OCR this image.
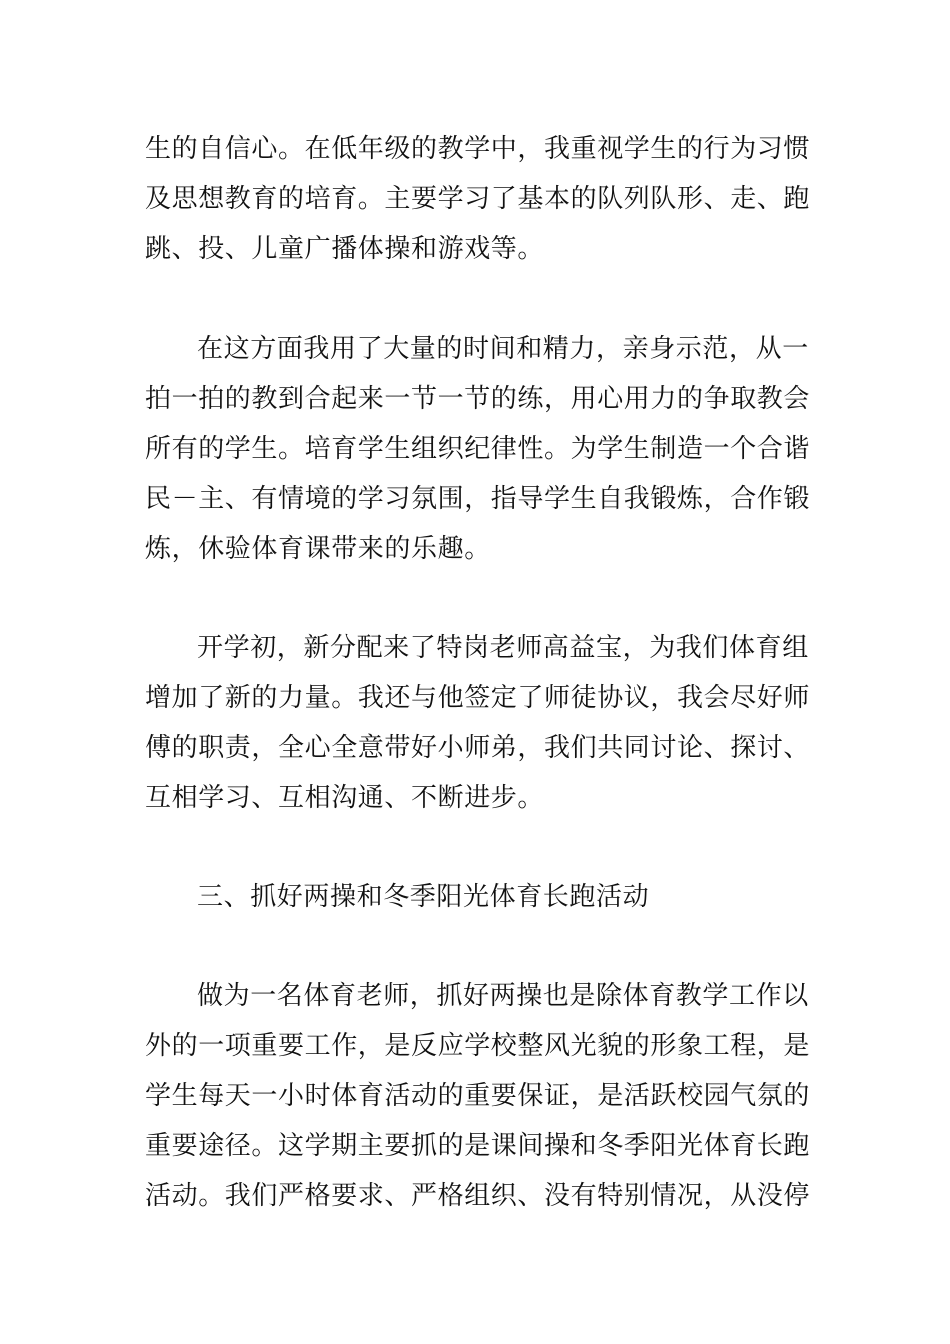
生的自信心。在低年级的教学中，我重视学生的行为习惯
及思想教育的培育。主要学习了基本的队列队形、走、跑
跳、投、儿童广播体操和游戏等。
在这方面我用了大量的时间和精力，亲身示范，从一
拍一拍的教到合起来一节一节的练，用心用力的争取教会
所有的学生。培育学生组织纪律性。为学生制造一个合谐
民－主、有情境的学习氛围，指导学生自我锻炼，合作锻
炼，休验体育课带来的乐趣。
开学初，新分配来了特岗老师高益宝，为我们体育组
增加了新的力量。我还与他签定了师徒协议，我会尽好师
傅的职责，全心全意带好小师弟，我们共同讨论、探讨、
互相学习、互相沟通、不断进步。
三、抓好两操和冬季阳光体育长跑活动
做为一名体育老师，抓好两操也是除体育教学工作以
外的一项重要工作，是反应学校整风光貌的形象工程，是
学生每天一小时体育活动的重要保证，是活跃校园气氛的
重要途径。这学期主要抓的是课间操和冬季阳光体育长跑
活动。我们严格要求、严格组织、没有特别情况，从没停
